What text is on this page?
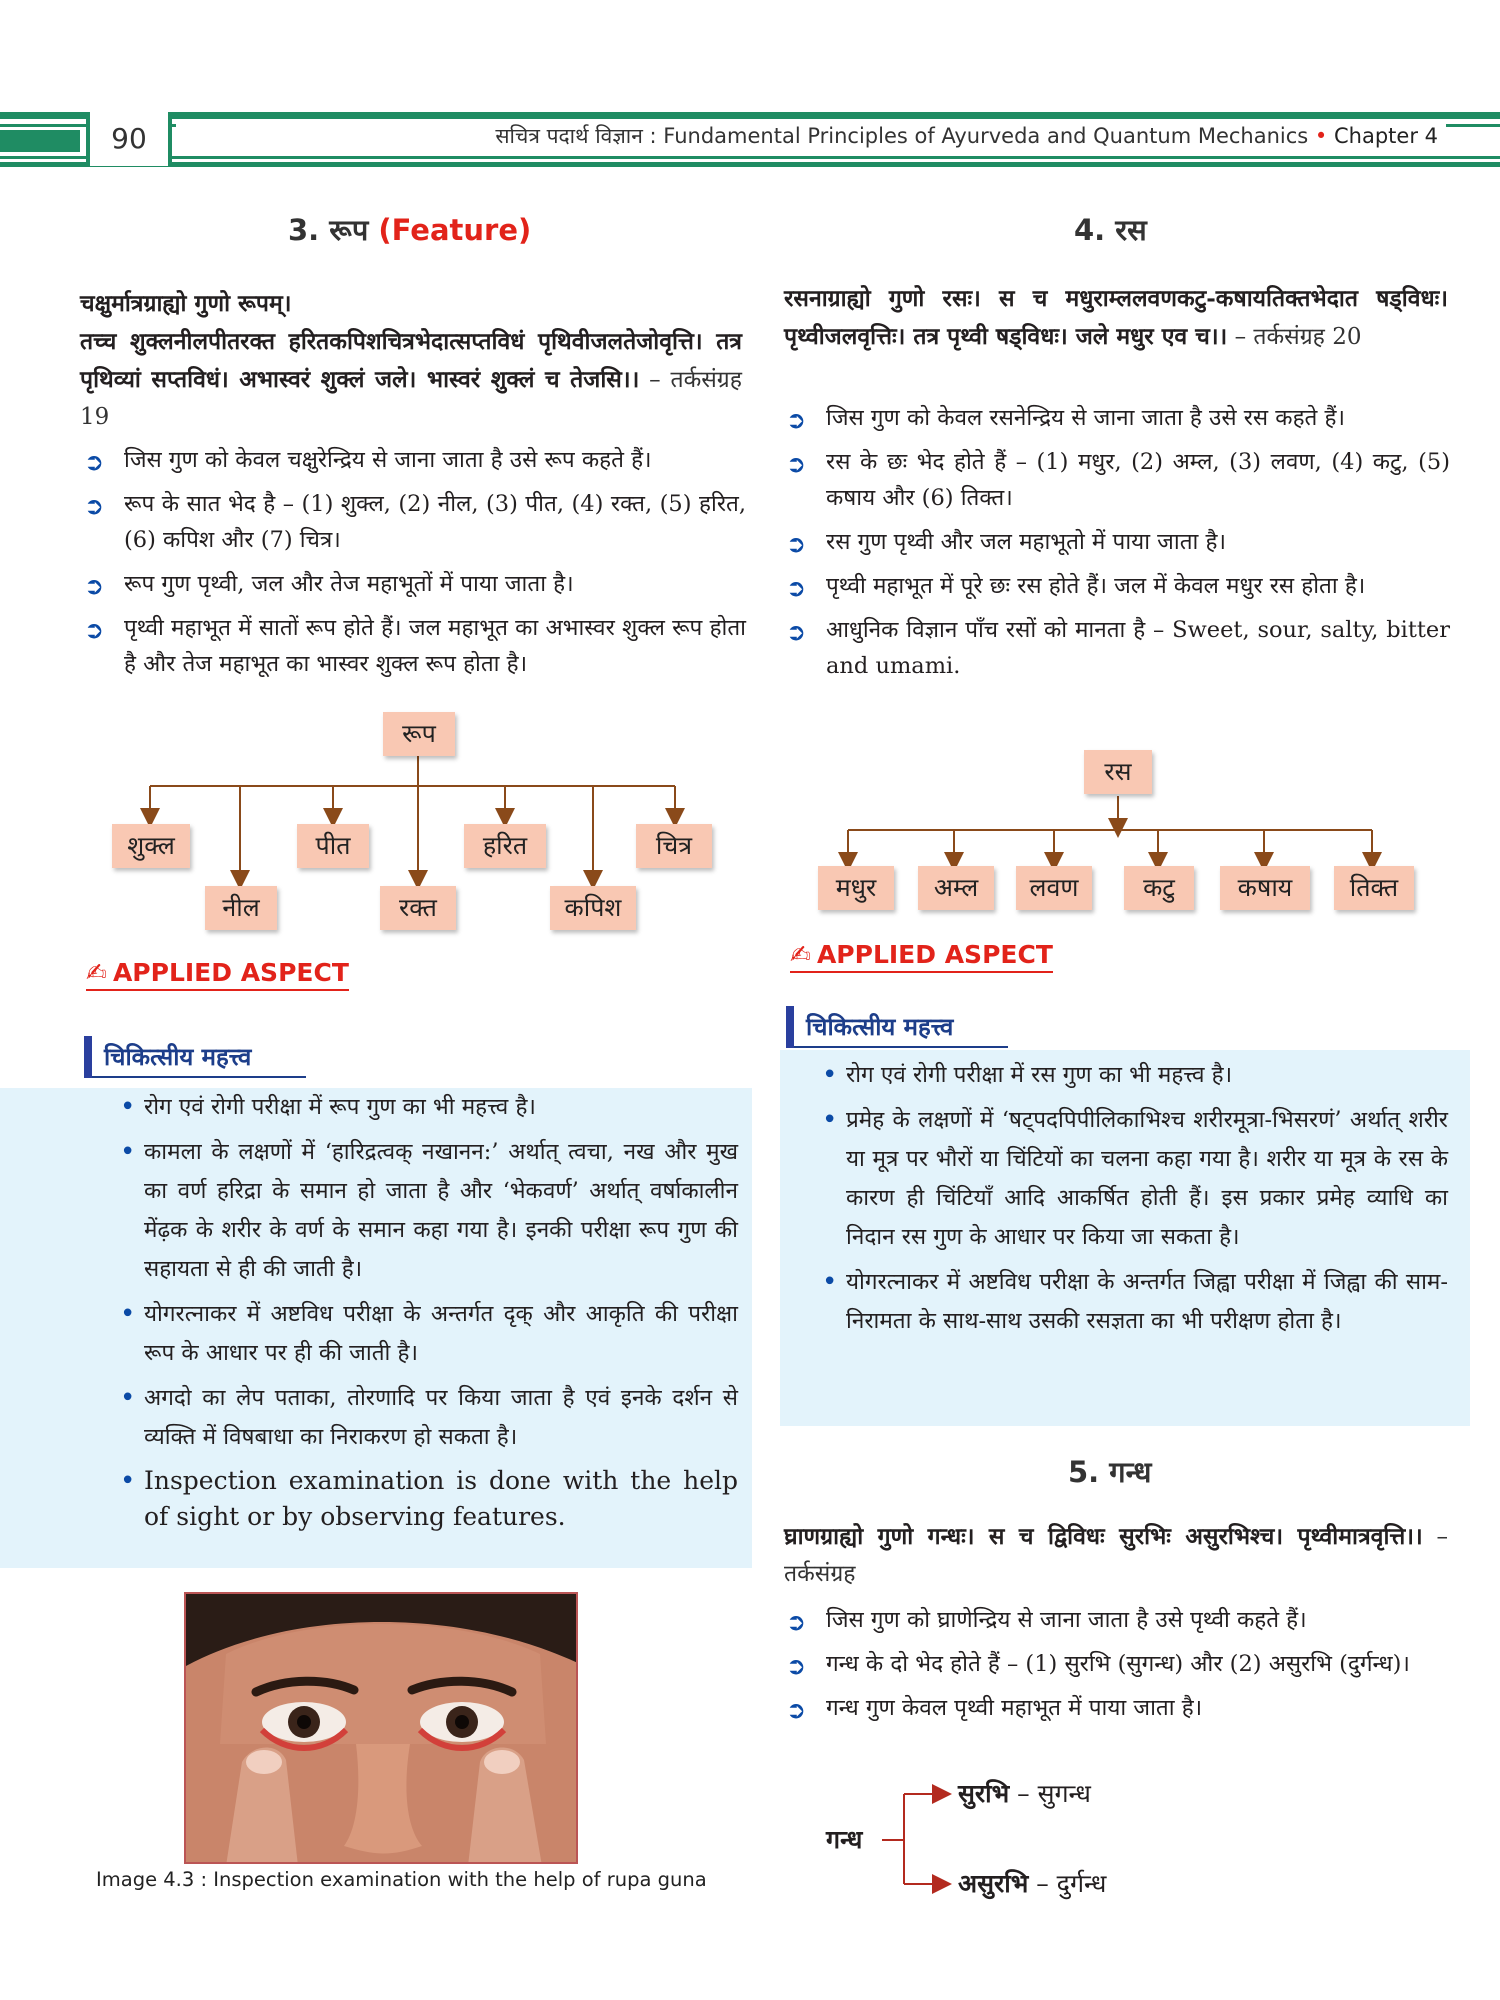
90	सचित्र पदार्थ विज्ञान : Fundamental Principles of Ayurveda and Quantum Mechanics • Chapter 4
3. रूप (Feature)
चक्षुर्मात्रग्राह्यो गुणो रूपम्।
तच्च शुक्लनीलपीतरक्त हरितकपिशचित्रभेदात्सप्तविधं पृथिवीजलतेजोवृत्ति। तत्र पृथिव्यां सप्तविधं। अभास्वरं शुक्लं जले। भास्वरं शुक्लं च तेजसि।। – तर्कसंग्रह 19
➲ जिस गुण को केवल चक्षुरेन्द्रिय से जाना जाता है उसे रूप कहते हैं।
➲ रूप के सात भेद है – (1) शुक्ल, (2) नील, (3) पीत, (4) रक्त, (5) हरित, (6) कपिश और (7) चित्र।
➲ रूप गुण पृथ्वी, जल और तेज महाभूतों में पाया जाता है।
➲ पृथ्वी महाभूत में सातों रूप होते हैं। जल महाभूत का अभास्वर शुक्ल रूप होता है और तेज महाभूत का भास्वर शुक्ल रूप होता है।
रूप
शुक्ल
नील
पीत
रक्त
हरित
कपिश
चित्र
✍ APPLIED ASPECT
चिकित्सीय महत्त्व
• रोग एवं रोगी परीक्षा में रूप गुण का भी महत्त्व है।
• कामला के लक्षणों में ‘हारिद्रत्वक् नखानन:’ अर्थात् त्वचा, नख और मुख का वर्ण हरिद्रा के समान हो जाता है और ‘भेकवर्ण’ अर्थात् वर्षाकालीन मेंढ़क के शरीर के वर्ण के समान कहा गया है। इनकी परीक्षा रूप गुण की सहायता से ही की जाती है।
• योगरत्नाकर में अष्टविध परीक्षा के अन्तर्गत दृक् और आकृति की परीक्षा रूप के आधार पर ही की जाती है।
• अगदो का लेप पताका, तोरणादि पर किया जाता है एवं इनके दर्शन से व्यक्ति में विषबाधा का निराकरण हो सकता है।
• Inspection examination is done with the help of sight or by observing features.
Image 4.3 : Inspection examination with the help of rupa guna
4. रस
रसनाग्राह्यो गुणो रसः। स च मधुराम्ललवणकटु-कषायतिक्तभेदात षड्विधः। पृथ्वीजलवृत्तिः। तत्र पृथ्वी षड्विधः। जले मधुर एव च।। – तर्कसंग्रह 20
➲ जिस गुण को केवल रसनेन्द्रिय से जाना जाता है उसे रस कहते हैं।
➲ रस के छः भेद होते हैं – (1) मधुर, (2) अम्ल, (3) लवण, (4) कटु, (5) कषाय और (6) तिक्त।
➲ रस गुण पृथ्वी और जल महाभूतो में पाया जाता है।
➲ पृथ्वी महाभूत में पूरे छः रस होते हैं। जल में केवल मधुर रस होता है।
➲ आधुनिक विज्ञान पाँच रसों को मानता है – Sweet, sour, salty, bitter and umami.
रस
मधुर	अम्ल	लवण	कटु	कषाय	तिक्त
✍ APPLIED ASPECT
चिकित्सीय महत्त्व
• रोग एवं रोगी परीक्षा में रस गुण का भी महत्त्व है।
• प्रमेह के लक्षणों में ‘षट्पदपिपीलिकाभिश्च शरीरमूत्रा-भिसरणं’ अर्थात् शरीर या मूत्र पर भौरों या चिंटियों का चलना कहा गया है। शरीर या मूत्र के रस के कारण ही चिंटियाँ आदि आकर्षित होती हैं। इस प्रकार प्रमेह व्याधि का निदान रस गुण के आधार पर किया जा सकता है।
• योगरत्नाकर में अष्टविध परीक्षा के अन्तर्गत जिह्वा परीक्षा में जिह्वा की साम-निरामता के साथ-साथ उसकी रसज्ञता का भी परीक्षण होता है।
5. गन्ध
घ्राणग्राह्यो गुणो गन्धः। स च द्विविधः सुरभिः असुरभिश्च। पृथ्वीमात्रवृत्ति।। – तर्कसंग्रह
➲ जिस गुण को घ्राणेन्द्रिय से जाना जाता है उसे पृथ्वी कहते हैं।
➲ गन्ध के दो भेद होते हैं – (1) सुरभि (सुगन्ध) और (2) असुरभि (दुर्गन्ध)।
➲ गन्ध गुण केवल पृथ्वी महाभूत में पाया जाता है।
गन्ध
सुरभि – सुगन्ध
असुरभि – दुर्गन्ध
